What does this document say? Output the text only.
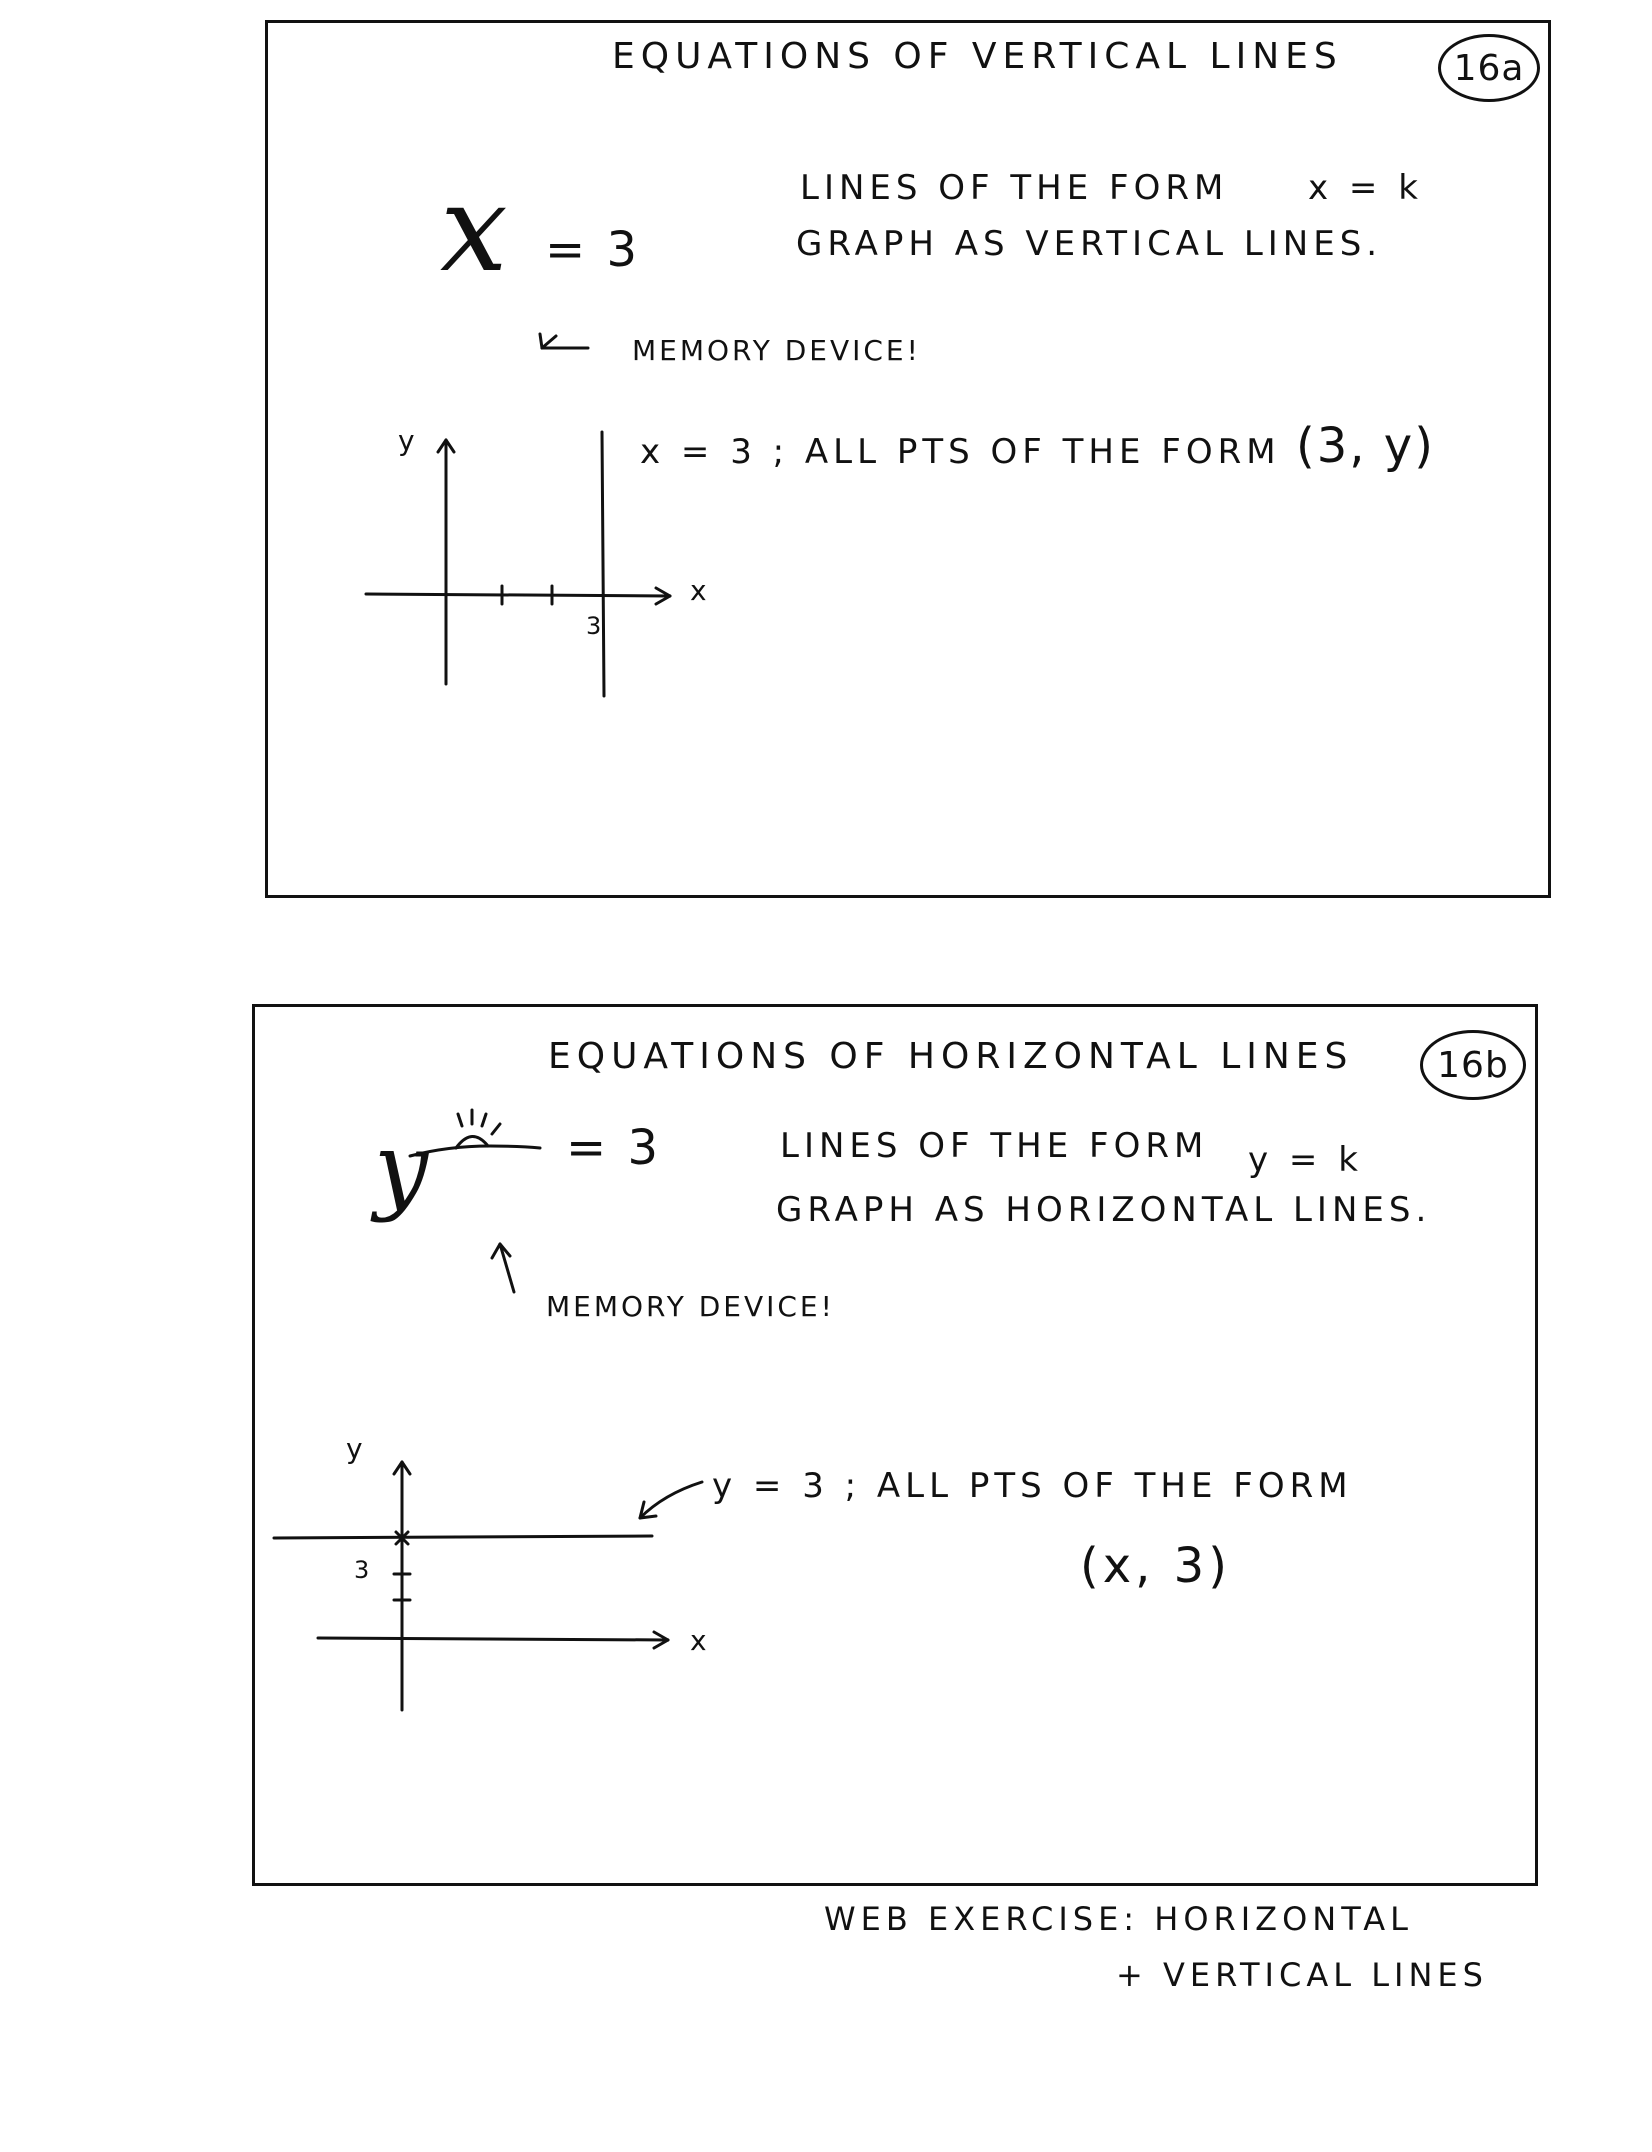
EQUATIONS OF VERTICAL LINES	16a
x = 3
LINES OF THE FORM x = k
GRAPH AS VERTICAL LINES.
MEMORY DEVICE!
x = 3 ; ALL PTS OF THE FORM (3, y)
y
x
3
EQUATIONS OF HORIZONTAL LINES	16b
y	= 3	LINES OF THE FORM y = k
GRAPH AS HORIZONTAL LINES.
MEMORY DEVICE!
y = 3 ; ALL PTS OF THE FORM
(x, 3)
y
x
3
WEB EXERCISE: HORIZONTAL
+ VERTICAL LINES
